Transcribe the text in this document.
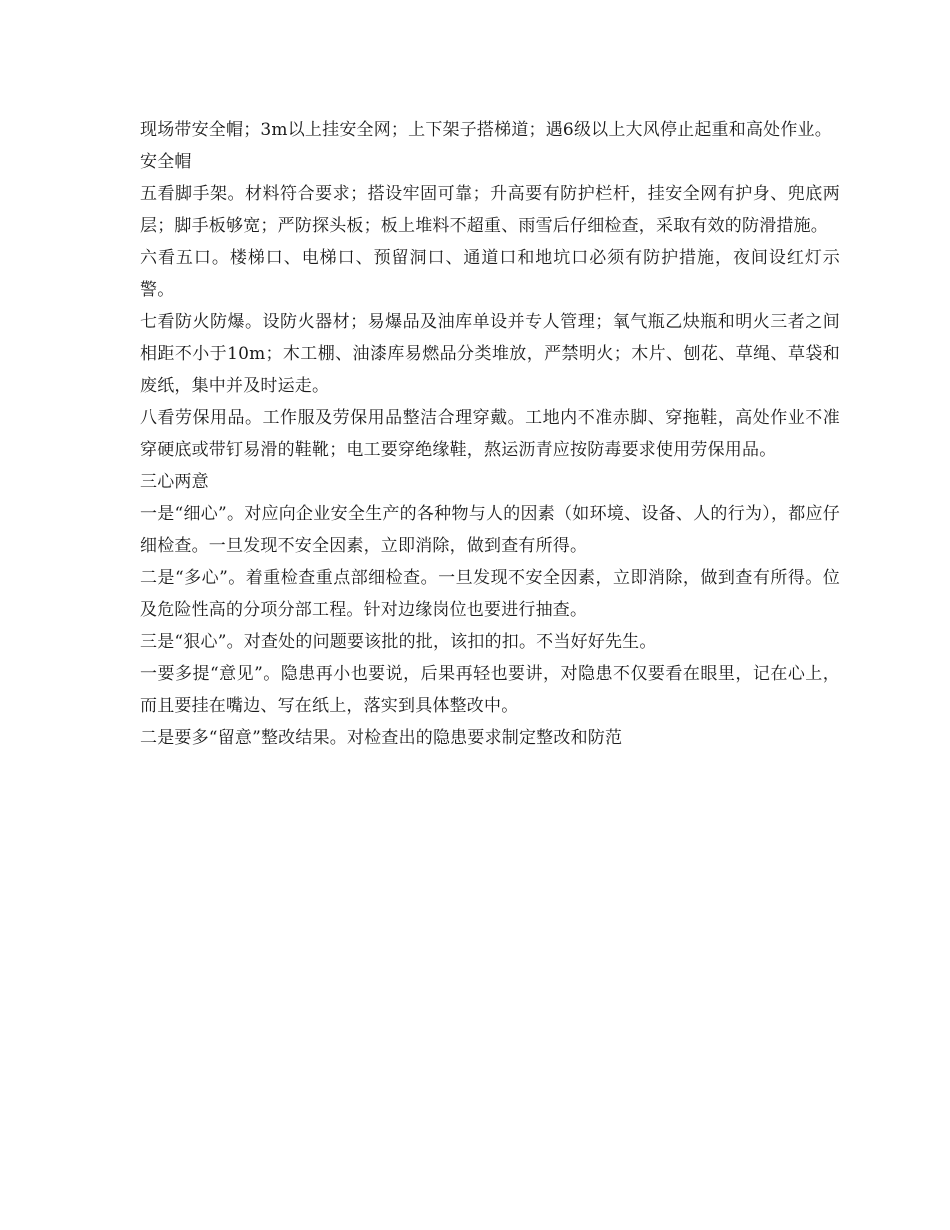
现场带安全帽；3m以上挂安全网；上下架子搭梯道；遇6级以上大风停止起重和高处作业。

安全帽

五看脚手架。材料符合要求；搭设牢固可靠；升高要有防护栏杆，挂安全网有护身、兜底两层；脚手板够宽；严防探头板；板上堆料不超重、雨雪后仔细检查，采取有效的防滑措施。

六看五口。楼梯口、电梯口、预留洞口、通道口和地坑口必须有防护措施，夜间设红灯示警。

七看防火防爆。设防火器材；易爆品及油库单设并专人管理；氧气瓶乙炔瓶和明火三者之间相距不小于10m；木工棚、油漆库易燃品分类堆放，严禁明火；木片、刨花、草绳、草袋和废纸，集中并及时运走。

八看劳保用品。工作服及劳保用品整洁合理穿戴。工地内不准赤脚、穿拖鞋，高处作业不准穿硬底或带钉易滑的鞋靴；电工要穿绝缘鞋，熬运沥青应按防毒要求使用劳保用品。

三心两意

一是“细心”。对应向企业安全生产的各种物与人的因素（如环境、设备、人的行为），都应仔细检查。一旦发现不安全因素，立即消除，做到查有所得。

二是“多心”。着重检查重点部细检查。一旦发现不安全因素，立即消除，做到查有所得。位及危险性高的分项分部工程。针对边缘岗位也要进行抽查。

三是“狠心”。对查处的问题要该批的批，该扣的扣。不当好好先生。

一要多提“意见”。隐患再小也要说，后果再轻也要讲，对隐患不仅要看在眼里，记在心上，而且要挂在嘴边、写在纸上，落实到具体整改中。

二是要多“留意”整改结果。对检查出的隐患要求制定整改和防范
